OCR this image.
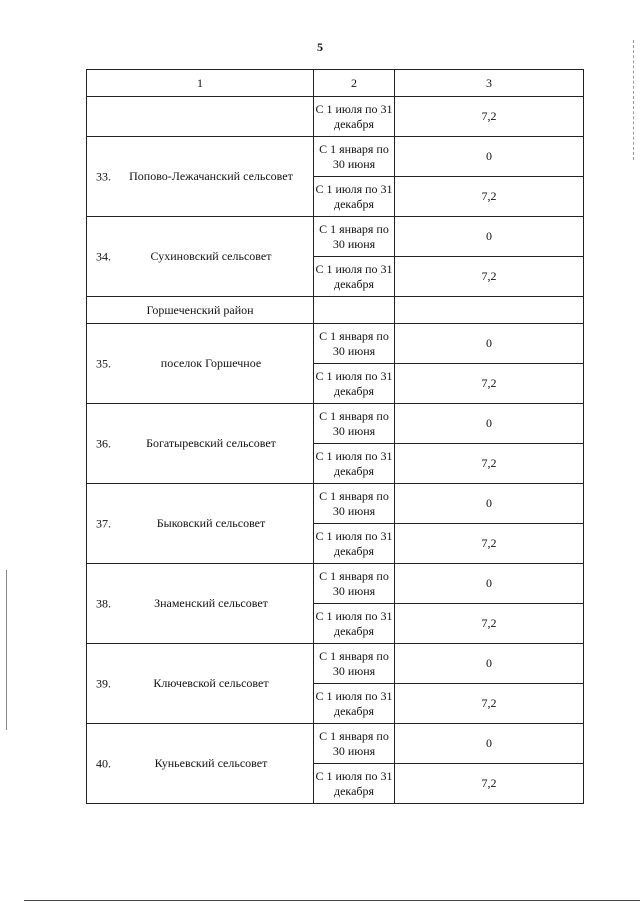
5
1	2	3
	С 1 июля по 31 декабря	7,2

33. Попово-Лежачанский сельсовет	С 1 января по 30 июня	0
	С 1 июля по 31 декабря	7,2

34. Сухиновский сельсовет	С 1 января по 30 июня	0
	С 1 июля по 31 декабря	7,2
Горшеченский район		

35. поселок Горшечное	С 1 января по 30 июня	0
	С 1 июля по 31 декабря	7,2

36. Богатыревский сельсовет	С 1 января по 30 июня	0
	С 1 июля по 31 декабря	7,2

37. Быковский сельсовет	С 1 января по 30 июня	0
	С 1 июля по 31 декабря	7,2

38. Знаменский сельсовет	С 1 января по 30 июня	0
	С 1 июля по 31 декабря	7,2

39. Ключевской сельсовет	С 1 января по 30 июня	0
	С 1 июля по 31 декабря	7,2

40. Куньевский сельсовет	С 1 января по 30 июня	0
	С 1 июля по 31 декабря	7,2
